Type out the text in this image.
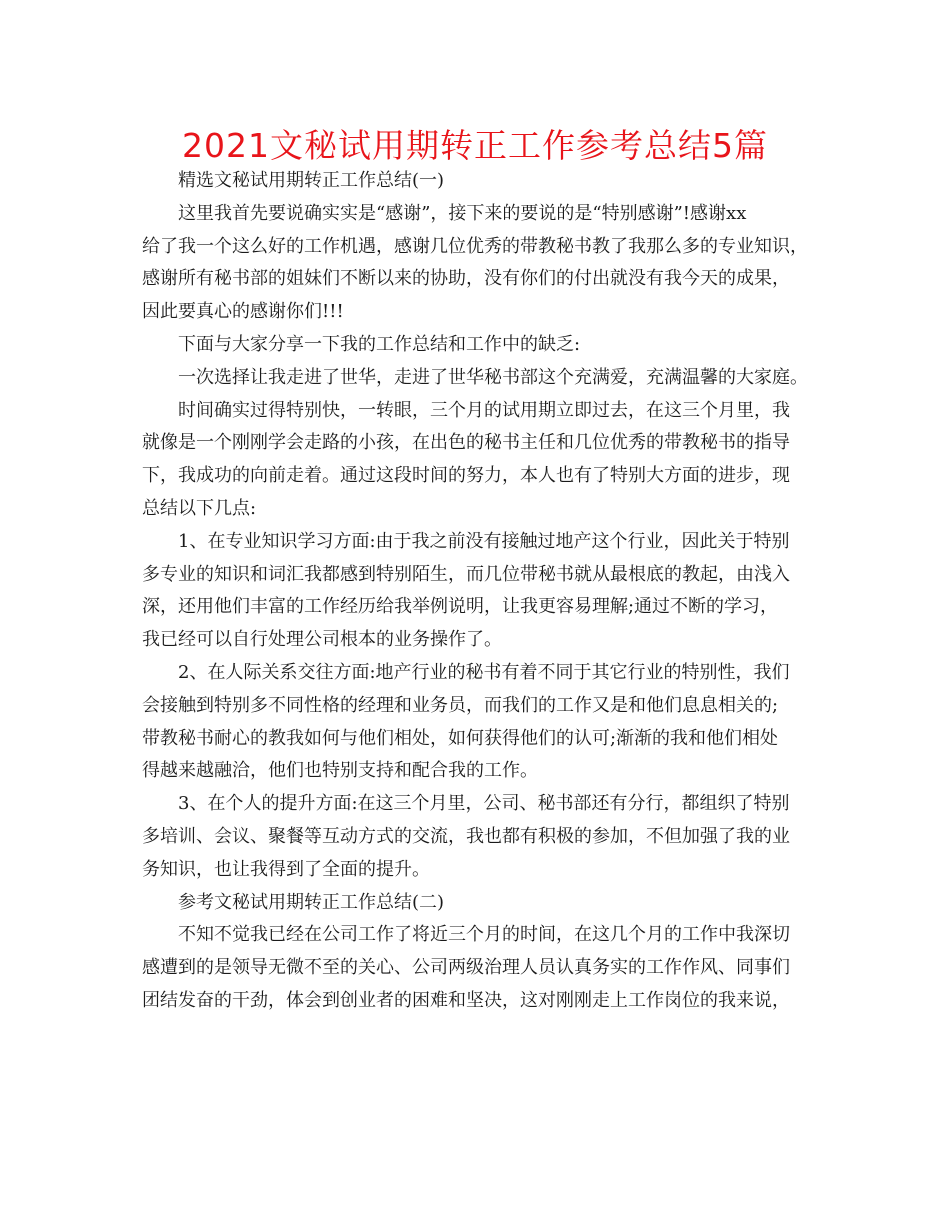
2021文秘试用期转正工作参考总结5篇
精选文秘试用期转正工作总结(一)
这里我首先要说确实实是“感谢”，接下来的要说的是“特别感谢”!感谢xx
给了我一个这么好的工作机遇，感谢几位优秀的带教秘书教了我那么多的专业知识，
感谢所有秘书部的姐妹们不断以来的协助，没有你们的付出就没有我今天的成果，
因此要真心的感谢你们!!!
下面与大家分享一下我的工作总结和工作中的缺乏:
一次选择让我走进了世华，走进了世华秘书部这个充满爱，充满温馨的大家庭。
时间确实过得特别快，一转眼，三个月的试用期立即过去，在这三个月里，我
就像是一个刚刚学会走路的小孩，在出色的秘书主任和几位优秀的带教秘书的指导
下，我成功的向前走着。通过这段时间的努力，本人也有了特别大方面的进步，现
总结以下几点:
1、在专业知识学习方面:由于我之前没有接触过地产这个行业，因此关于特别
多专业的知识和词汇我都感到特别陌生，而几位带秘书就从最根底的教起，由浅入
深，还用他们丰富的工作经历给我举例说明，让我更容易理解;通过不断的学习，
我已经可以自行处理公司根本的业务操作了。
2、在人际关系交往方面:地产行业的秘书有着不同于其它行业的特别性，我们
会接触到特别多不同性格的经理和业务员，而我们的工作又是和他们息息相关的;
带教秘书耐心的教我如何与他们相处，如何获得他们的认可;渐渐的我和他们相处
得越来越融洽，他们也特别支持和配合我的工作。
3、在个人的提升方面:在这三个月里，公司、秘书部还有分行，都组织了特别
多培训、会议、聚餐等互动方式的交流，我也都有积极的参加，不但加强了我的业
务知识，也让我得到了全面的提升。
参考文秘试用期转正工作总结(二)
不知不觉我已经在公司工作了将近三个月的时间，在这几个月的工作中我深切
感遭到的是领导无微不至的关心、公司两级治理人员认真务实的工作作风、同事们
团结发奋的干劲，体会到创业者的困难和坚决，这对刚刚走上工作岗位的我来说，
